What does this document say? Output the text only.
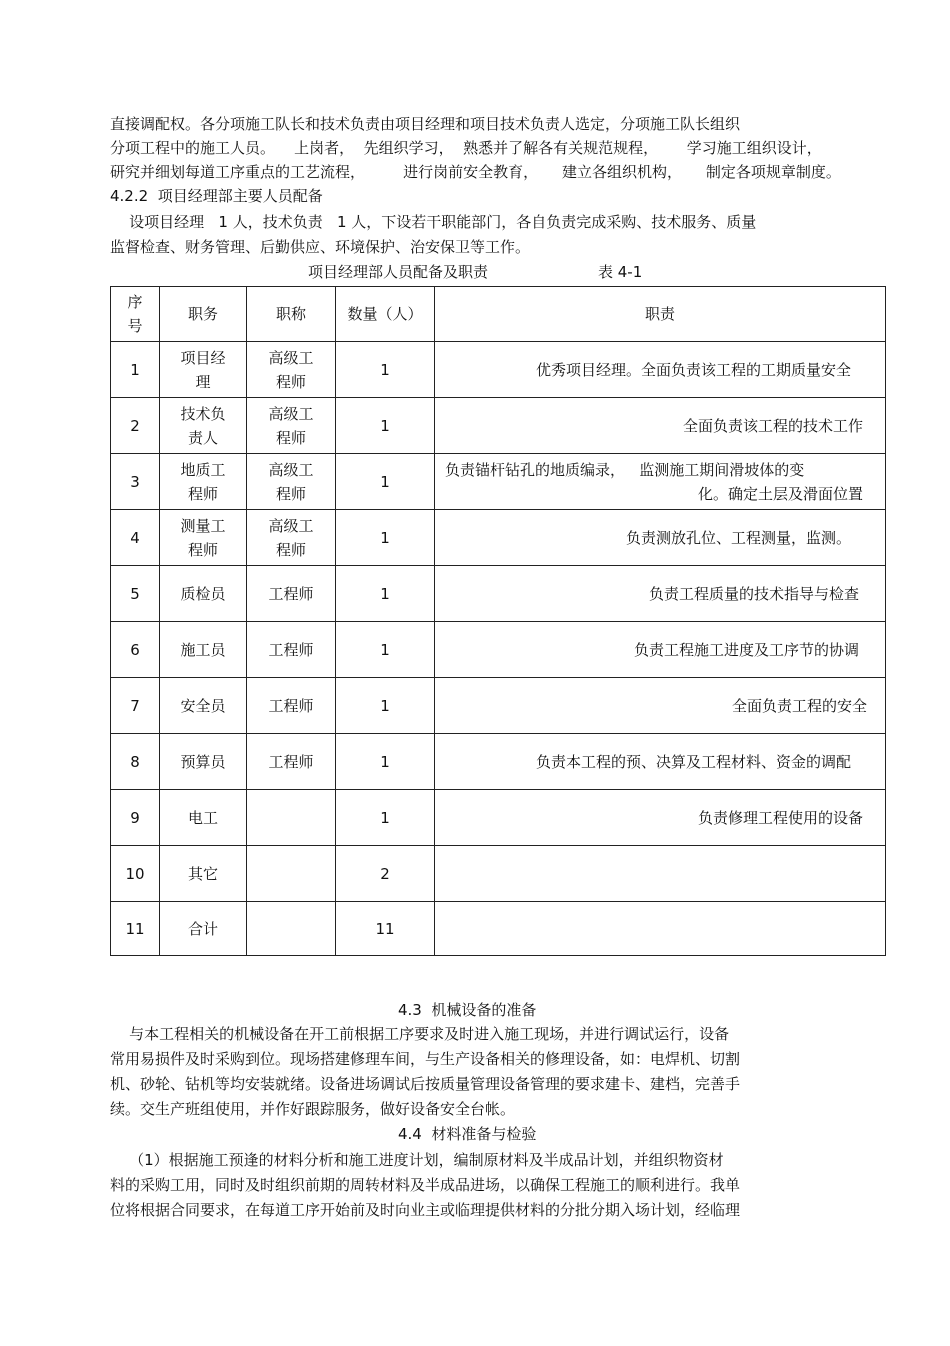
直接调配权。各分项施工队长和技术负责由项目经理和项目技术负责人选定，分项施工队长组织
分项工程中的施工人员。    上岗者，  先组织学习，  熟悉并了解各有关规范规程，      学习施工组织设计，
研究并细划每道工序重点的工艺流程，        进行岗前安全教育，     建立各组织机构，     制定各项规章制度。
4.2.2 项目经理部主要人员配备
设项目经理   1 人，技术负责   1 人，下设若干职能部门，各自负责完成采购、技术服务、质量
监督检查、财务管理、后勤供应、环境保护、治安保卫等工作。
项目经理部人员配备及职责	表 4-1
序
号	职务	职称	数量（人）	职责
1	项目经
理	高级工
程师	1	优秀项目经理。全面负责该工程的工期质量安全
2	技术负
责人	高级工
程师	1	全面负责该工程的技术工作
3	地质工
程师	高级工
程师	1	负责锚杆钻孔的地质编录，   监测施工期间滑坡体的变
化。确定土层及滑面位置

4	测量工
程师	高级工
程师	1	负责测放孔位、工程测量，监测。
5	质检员	工程师	1	负责工程质量的技术指导与检查
6	施工员	工程师	1	负责工程施工进度及工序节的协调
7	安全员	工程师	1	全面负责工程的安全
8	预算员	工程师	1	负责本工程的预、决算及工程材料、资金的调配
9	电工		1	负责修理工程使用的设备
10	其它		2	
11	合计		11	
4.3 机械设备的准备
与本工程相关的机械设备在开工前根据工序要求及时进入施工现场，并进行调试运行，设备
常用易损件及时采购到位。现场搭建修理车间，与生产设备相关的修理设备，如：电焊机、切割
机、砂轮、钻机等均安装就绪。设备进场调试后按质量管理设备管理的要求建卡、建档，完善手
续。交生产班组使用，并作好跟踪服务，做好设备安全台帐。
4.4 材料准备与检验
（1）根据施工预逢的材料分析和施工进度计划，编制原材料及半成品计划，并组织物资材
料的采购工用，同时及时组织前期的周转材料及半成品进场，以确保工程施工的顺利进行。我单
位将根据合同要求，在每道工序开始前及时向业主或临理提供材料的分批分期入场计划，经临理
